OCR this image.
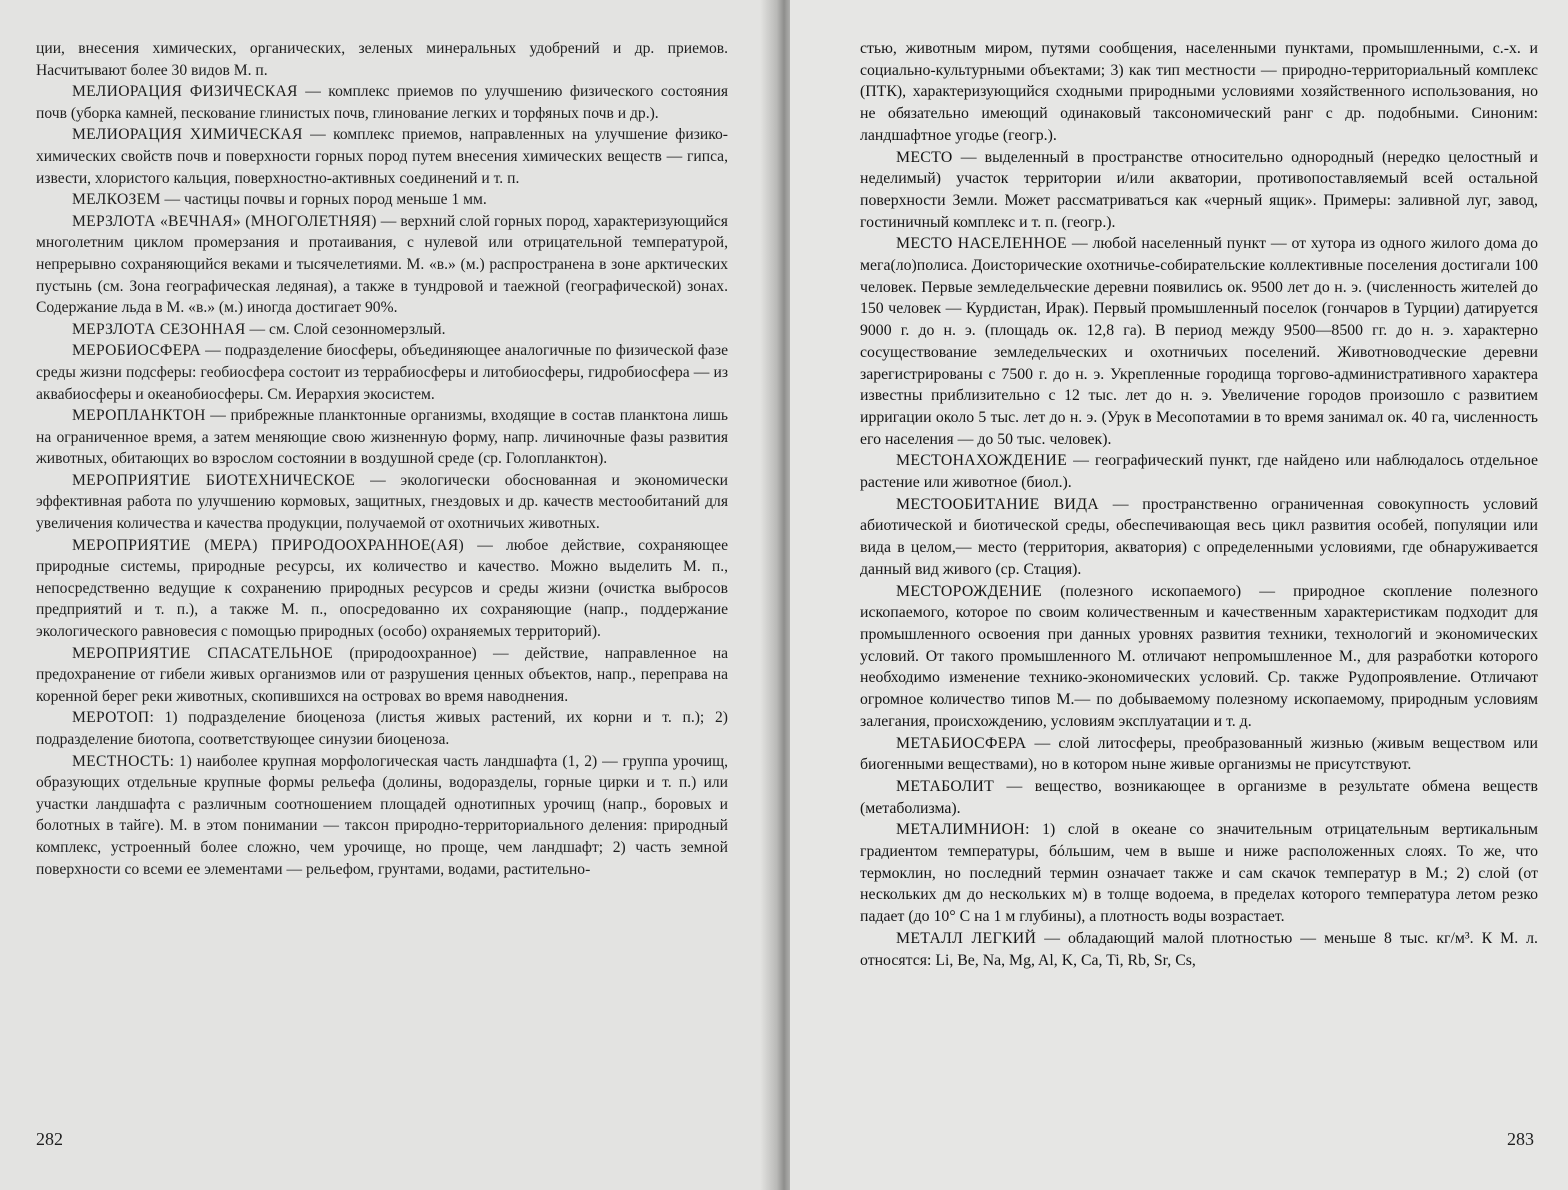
ции, внесения химических, органических, зеленых минеральных удобрений и др. приемов. Насчитывают более 30 видов М. п.

МЕЛИОРАЦИЯ ФИЗИЧЕСКАЯ — комплекс приемов по улучшению физического состояния почв (уборка камней, пескование глинистых почв, глинование легких и торфяных почв и др.).

МЕЛИОРАЦИЯ ХИМИЧЕСКАЯ — комплекс приемов, направленных на улучшение физико-химических свойств почв и поверхности горных пород путем внесения химических веществ — гипса, извести, хлористого кальция, поверхностно-активных соединений и т. п.

МЕЛКОЗЕМ — частицы почвы и горных пород меньше 1 мм.

МЕРЗЛОТА «ВЕЧНАЯ» (МНОГОЛЕТНЯЯ) — верхний слой горных пород, характеризующийся многолетним циклом промерзания и протаивания, с нулевой или отрицательной температурой, непрерывно сохраняющийся веками и тысячелетиями. М. «в.» (м.) распространена в зоне арктических пустынь (см. Зона географическая ледяная), а также в тундровой и таежной (географической) зонах. Содержание льда в М. «в.» (м.) иногда достигает 90%.

МЕРЗЛОТА СЕЗОННАЯ — см. Слой сезонномерзлый.

МЕРОБИОСФЕРА — подразделение биосферы, объединяющее аналогичные по физической фазе среды жизни подсферы: геобиосфера состоит из террабиосферы и литобиосферы, гидробиосфера — из аквабиосферы и океанобиосферы. См. Иерархия экосистем.

МЕРОПЛАНКТОН — прибрежные планктонные организмы, входящие в состав планктона лишь на ограниченное время, а затем меняющие свою жизненную форму, напр. личиночные фазы развития животных, обитающих во взрослом состоянии в воздушной среде (ср. Голопланктон).

МЕРОПРИЯТИЕ БИОТЕХНИЧЕСКОЕ — экологически обоснованная и экономически эффективная работа по улучшению кормовых, защитных, гнездовых и др. качеств местообитаний для увеличения количества и качества продукции, получаемой от охотничьих животных.

МЕРОПРИЯТИЕ (МЕРА) ПРИРОДООХРАННОЕ(АЯ) — любое действие, сохраняющее природные системы, природные ресурсы, их количество и качество. Можно выделить М. п., непосредственно ведущие к сохранению природных ресурсов и среды жизни (очистка выбросов предприятий и т. п.), а также М. п., опосредованно их сохраняющие (напр., поддержание экологического равновесия с помощью природных (особо) охраняемых территорий).

МЕРОПРИЯТИЕ СПАСАТЕЛЬНОЕ (природоохранное) — действие, направленное на предохранение от гибели живых организмов или от разрушения ценных объектов, напр., переправа на коренной берег реки животных, скопившихся на островах во время наводнения.

МЕРОТОП: 1) подразделение биоценоза (листья живых растений, их корни и т. п.); 2) подразделение биотопа, соответствующее синузии биоценоза.

МЕСТНОСТЬ: 1) наиболее крупная морфологическая часть ландшафта (1, 2) — группа урочищ, образующих отдельные крупные формы рельефа (долины, водоразделы, горные цирки и т. п.) или участки ландшафта с различным соотношением площадей однотипных урочищ (напр., боровых и болотных в тайге). М. в этом понимании — таксон природно-территориального деления: природный комплекс, устроенный более сложно, чем урочище, но проще, чем ландшафт; 2) часть земной поверхности со всеми ее элементами — рельефом, грунтами, водами, растительно-

282

стью, животным миром, путями сообщения, населенными пунктами, промышленными, с.-х. и социально-культурными объектами; 3) как тип местности — природно-территориальный комплекс (ПТК), характеризующийся сходными природными условиями хозяйственного использования, но не обязательно имеющий одинаковый таксономический ранг с др. подобными. Синоним: ландшафтное угодье (геогр.).

МЕСТО — выделенный в пространстве относительно однородный (нередко целостный и неделимый) участок территории и/или акватории, противопоставляемый всей остальной поверхности Земли. Может рассматриваться как «черный ящик». Примеры: заливной луг, завод, гостиничный комплекс и т. п. (геогр.).

МЕСТО НАСЕЛЕННОЕ — любой населенный пункт — от хутора из одного жилого дома до мега(ло)полиса. Доисторические охотничье-собирательские коллективные поселения достигали 100 человек. Первые земледельческие деревни появились ок. 9500 лет до н. э. (численность жителей до 150 человек — Курдистан, Ирак). Первый промышленный поселок (гончаров в Турции) датируется 9000 г. до н. э. (площадь ок. 12,8 га). В период между 9500—8500 гг. до н. э. характерно сосуществование земледельческих и охотничьих поселений. Животноводческие деревни зарегистрированы с 7500 г. до н. э. Укрепленные городища торгово-административного характера известны приблизительно с 12 тыс. лет до н. э. Увеличение городов произошло с развитием ирригации около 5 тыс. лет до н. э. (Урук в Месопотамии в то время занимал ок. 40 га, численность его населения — до 50 тыс. человек).

МЕСТОНАХОЖДЕНИЕ — географический пункт, где найдено или наблюдалось отдельное растение или животное (биол.).

МЕСТООБИТАНИЕ ВИДА — пространственно ограниченная совокупность условий абиотической и биотической среды, обеспечивающая весь цикл развития особей, популяции или вида в целом,— место (территория, акватория) с определенными условиями, где обнаруживается данный вид живого (ср. Стация).

МЕСТОРОЖДЕНИЕ (полезного ископаемого) — природное скопление полезного ископаемого, которое по своим количественным и качественным характеристикам подходит для промышленного освоения при данных уровнях развития техники, технологий и экономических условий. От такого промышленного М. отличают непромышленное М., для разработки которого необходимо изменение технико-экономических условий. Ср. также Рудопроявление. Отличают огромное количество типов М.— по добываемому полезному ископаемому, природным условиям залегания, происхождению, условиям эксплуатации и т. д.

МЕТАБИОСФЕРА — слой литосферы, преобразованный жизнью (живым веществом или биогенными веществами), но в котором ныне живые организмы не присутствуют.

МЕТАБОЛИТ — вещество, возникающее в организме в результате обмена веществ (метаболизма).

МЕТАЛИМНИОН: 1) слой в океане со значительным отрицательным вертикальным градиентом температуры, бóльшим, чем в выше и ниже расположенных слоях. То же, что термоклин, но последний термин означает также и сам скачок температур в М.; 2) слой (от нескольких дм до нескольких м) в толще водоема, в пределах которого температура летом резко падает (до 10° С на 1 м глубины), а плотность воды возрастает.

МЕТАЛЛ ЛЕГКИЙ — обладающий малой плотностью — меньше 8 тыс. кг/м³. К М. л. относятся: Li, Be, Na, Mg, Al, K, Ca, Ti, Rb, Sr, Cs,

283
